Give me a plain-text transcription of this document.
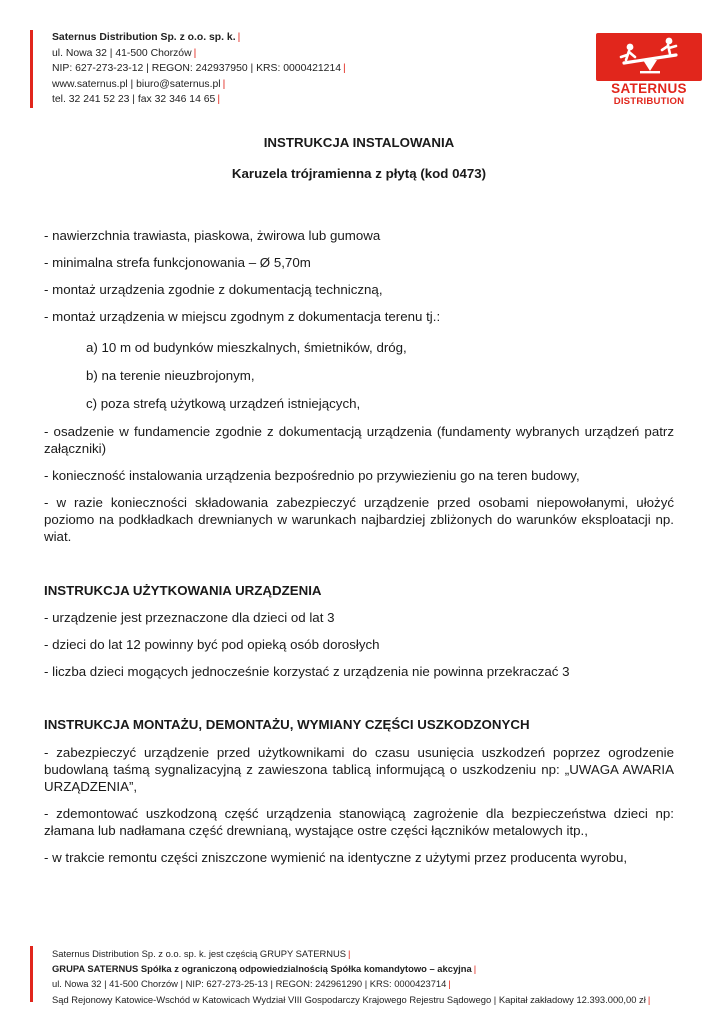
Saternus Distribution Sp. z o.o. sp. k. |
ul. Nowa 32 | 41-500 Chorzów |
NIP: 627-273-23-12 | REGON: 242937950 | KRS: 0000421214 |
www.saternus.pl | biuro@saternus.pl |
tel. 32 241 52 23 | fax 32 346 14 65 |
SATERNUS
DISTRIBUTION

INSTRUKCJA INSTALOWANIA

Karuzela trójramienna z płytą (kod 0473)

- nawierzchnia trawiasta, piaskowa, żwirowa lub gumowa

- minimalna strefa funkcjonowania – Ø 5,70m

- montaż urządzenia zgodnie z dokumentacją techniczną,

- montaż urządzenia w miejscu zgodnym z dokumentacja terenu tj.:

a) 10 m od budynków mieszkalnych, śmietników, dróg,

b) na terenie nieuzbrojonym,

c) poza strefą użytkową urządzeń istniejących,

- osadzenie w fundamencie zgodnie z dokumentacją urządzenia (fundamenty wybranych urządzeń patrz załączniki)

- konieczność instalowania urządzenia bezpośrednio po przywiezieniu go na teren budowy,

- w razie konieczności składowania zabezpieczyć urządzenie przed osobami niepowołanymi, ułożyć poziomo na podkładkach drewnianych w warunkach najbardziej zbliżonych do warunków eksploatacji np. wiat.

INSTRUKCJA UŻYTKOWANIA URZĄDZENIA

- urządzenie jest przeznaczone dla dzieci od lat 3

- dzieci do lat 12 powinny być pod opieką osób dorosłych

- liczba dzieci mogących jednocześnie korzystać z urządzenia nie powinna przekraczać 3

INSTRUKCJA MONTAŻU, DEMONTAŻU, WYMIANY CZĘŚCI USZKODZONYCH

- zabezpieczyć urządzenie przed użytkownikami do czasu usunięcia uszkodzeń poprzez ogrodzenie budowlaną taśmą sygnalizacyjną z zawieszona tablicą informującą o uszkodzeniu np: „UWAGA AWARIA URZĄDZENIA”,

- zdemontować uszkodzoną część urządzenia stanowiącą zagrożenie dla bezpieczeństwa dzieci np: złamana lub nadłamana część drewnianą, wystające ostre części łączników metalowych itp.,

- w trakcie remontu części zniszczone wymienić na identyczne z użytymi przez producenta wyrobu,

Saternus Distribution Sp. z o.o. sp. k. jest częścią GRUPY SATERNUS |
GRUPA SATERNUS Spółka z ograniczoną odpowiedzialnością Spółka komandytowo – akcyjna |
ul. Nowa 32 | 41-500 Chorzów | NIP: 627-273-25-13 | REGON: 242961290 | KRS: 0000423714 |
Sąd Rejonowy Katowice-Wschód w Katowicach Wydział VIII Gospodarczy Krajowego Rejestru Sądowego | Kapitał zakładowy 12.393.000,00 zł |
